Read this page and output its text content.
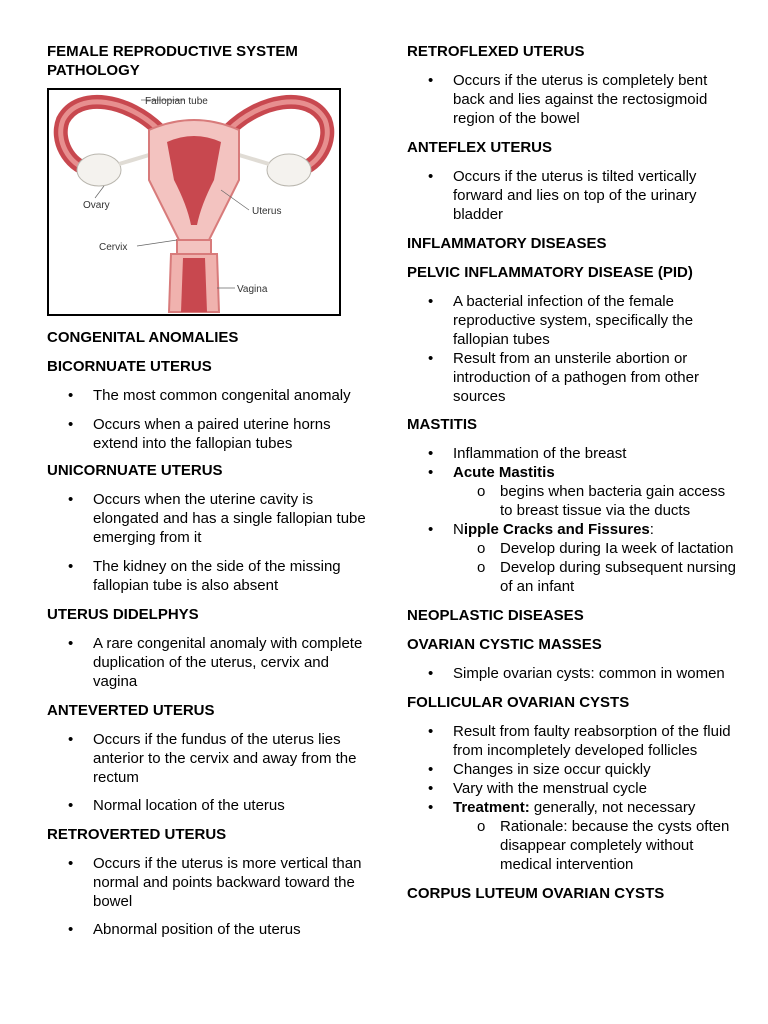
FEMALE REPRODUCTIVE SYSTEM PATHOLOGY
Fallopian tube
Ovary
Uterus
Cervix
Vagina
CONGENITAL ANOMALIES
BICORNUATE UTERUS
• The most common congenital anomaly
• Occurs when a paired uterine horns extend into the fallopian tubes
UNICORNUATE UTERUS
• Occurs when the uterine cavity is elongated and has a single fallopian tube emerging from it
• The kidney on the side of the missing fallopian tube is also absent
UTERUS DIDELPHYS
• A rare congenital anomaly with complete duplication of the uterus, cervix and vagina
ANTEVERTED UTERUS
• Occurs if the fundus of the uterus lies anterior to the cervix and away from the rectum
• Normal location of the uterus
RETROVERTED UTERUS
• Occurs if the uterus is more vertical than normal and points backward toward the bowel
• Abnormal position of the uterus
RETROFLEXED UTERUS
• Occurs if the uterus is completely bent back and lies against the rectosigmoid region of the bowel
ANTEFLEX UTERUS
• Occurs if the uterus is tilted vertically forward and lies on top of the urinary bladder
INFLAMMATORY DISEASES
PELVIC INFLAMMATORY DISEASE (PID)
• A bacterial infection of the female reproductive system, specifically the fallopian tubes
• Result from an unsterile abortion or introduction of a pathogen from other sources
MASTITIS
• Inflammation of the breast
• Acute Mastitis
o begins when bacteria gain access to breast tissue via the ducts
• Nipple Cracks and Fissures:
o Develop during Ia week of lactation
o Develop during subsequent nursing of an infant
NEOPLASTIC DISEASES
OVARIAN CYSTIC MASSES
• Simple ovarian cysts: common in women
FOLLICULAR OVARIAN CYSTS
• Result from faulty reabsorption of the fluid from incompletely developed follicles
• Changes in size occur quickly
• Vary with the menstrual cycle
• Treatment: generally, not necessary
o Rationale: because the cysts often disappear completely without medical intervention
CORPUS LUTEUM OVARIAN CYSTS
